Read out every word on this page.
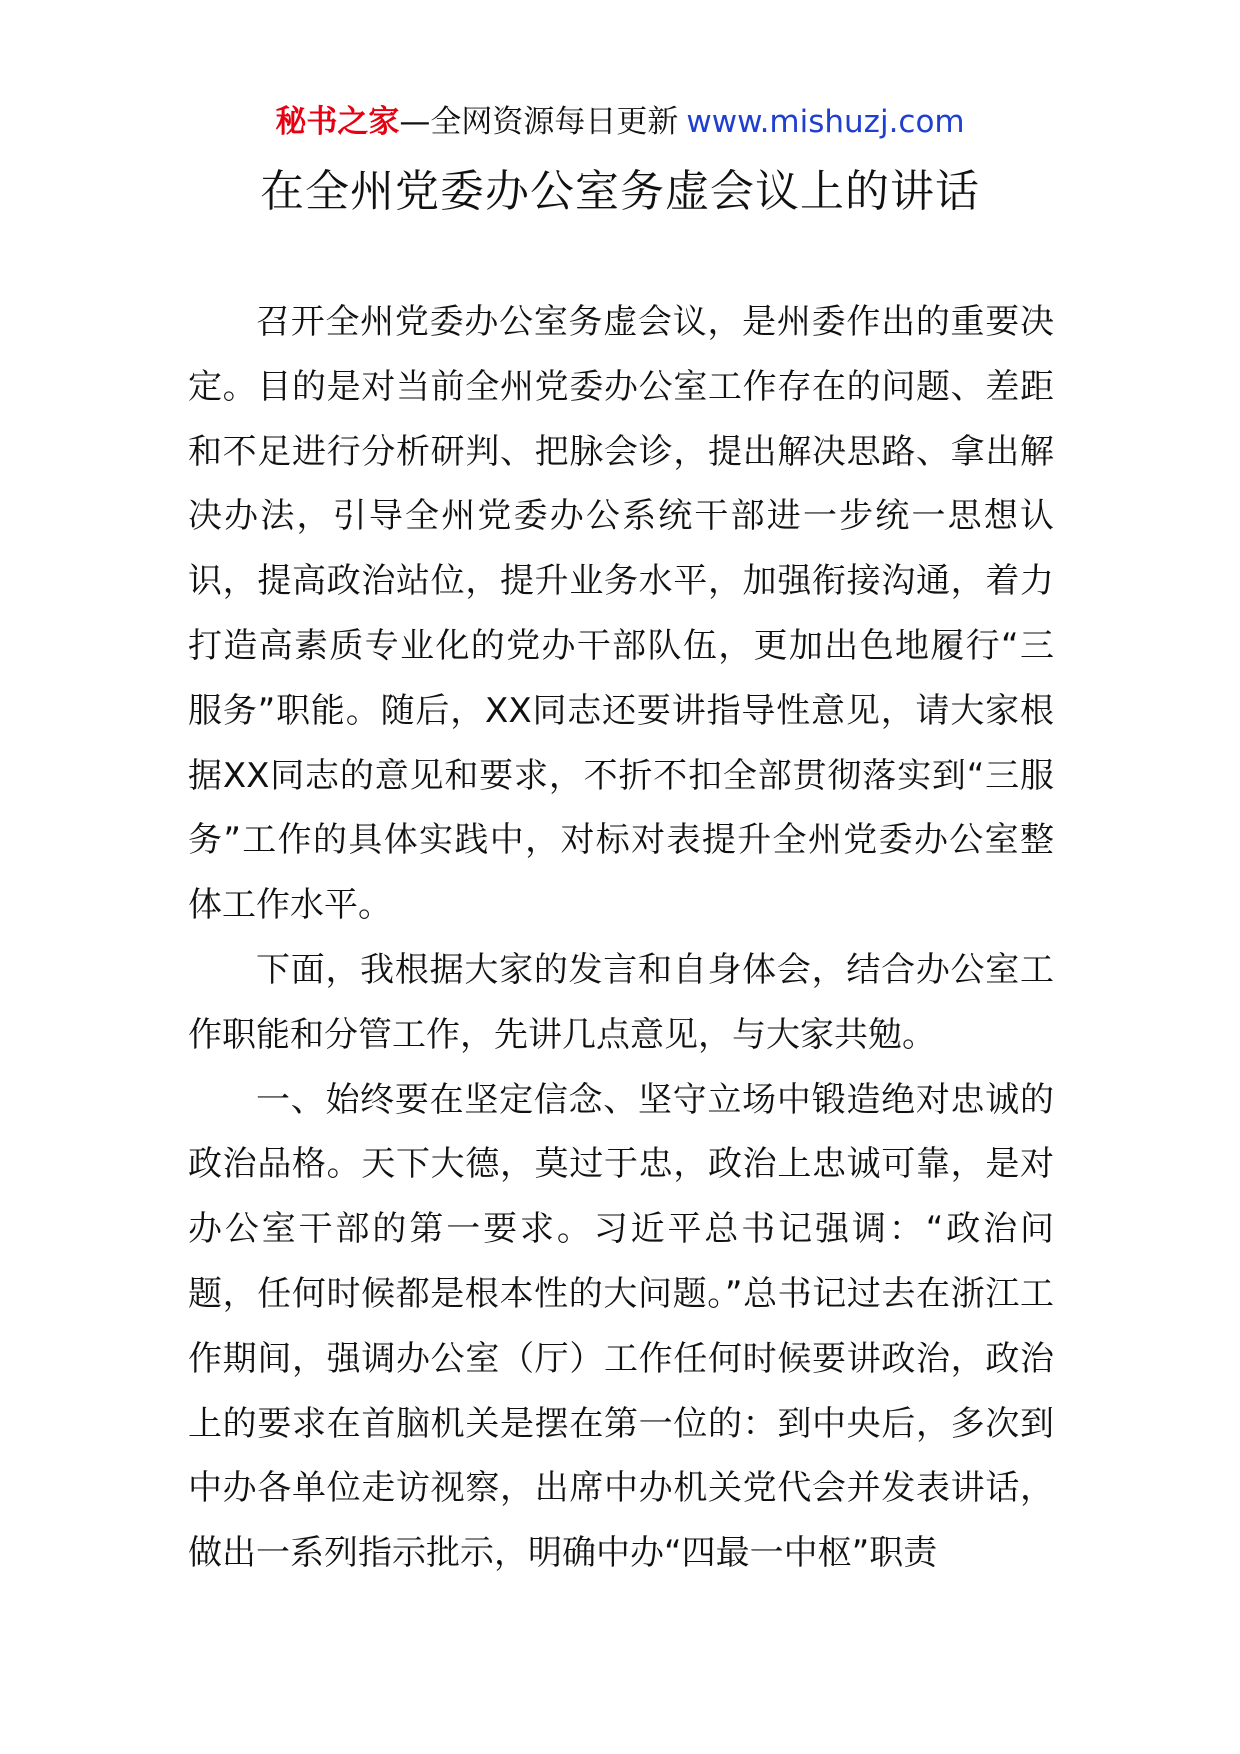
秘书之家—全网资源每日更新 www.mishuzj.com
在全州党委办公室务虚会议上的讲话

召开全州党委办公室务虚会议，是州委作出的重要决定。目的是对当前全州党委办公室工作存在的问题、差距和不足进行分析研判、把脉会诊，提出解决思路、拿出解决办法，引导全州党委办公系统干部进一步统一思想认识，提高政治站位，提升业务水平，加强衔接沟通，着力打造高素质专业化的党办干部队伍，更加出色地履行“三服务”职能。随后，XX同志还要讲指导性意见，请大家根据XX同志的意见和要求，不折不扣全部贯彻落实到“三服务”工作的具体实践中，对标对表提升全州党委办公室整体工作水平。

下面，我根据大家的发言和自身体会，结合办公室工作职能和分管工作，先讲几点意见，与大家共勉。

一、始终要在坚定信念、坚守立场中锻造绝对忠诚的政治品格。天下大德，莫过于忠，政治上忠诚可靠，是对办公室干部的第一要求。习近平总书记强调：“政治问题，任何时候都是根本性的大问题。”总书记过去在浙江工作期间，强调办公室（厅）工作任何时候要讲政治，政治上的要求在首脑机关是摆在第一位的：到中央后，多次到中办各单位走访视察，出席中办机关党代会并发表讲话，做出一系列指示批示，明确中办“四最一中枢”职责
